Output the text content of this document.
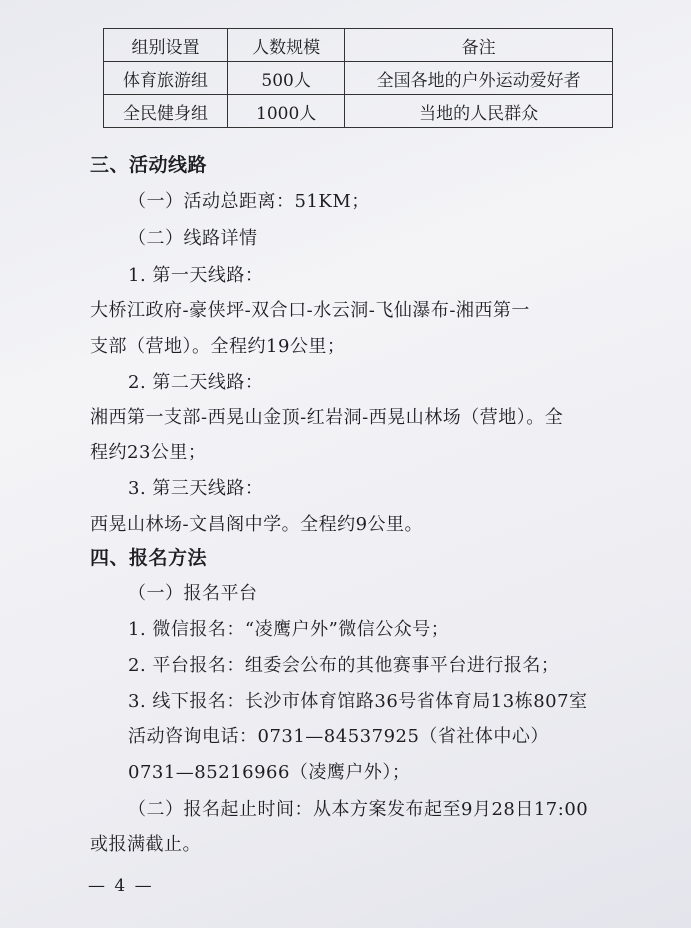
组别设置	人数规模	备注
体育旅游组	500人	全国各地的户外运动爱好者
全民健身组	1000人	当地的人民群众
三、活动线路
（一）活动总距离：51KM；
（二）线路详情
1. 第一天线路：
大桥江政府-豪侠坪-双合口-水云洞-飞仙瀑布-湘西第一
支部（营地）。全程约19公里；
2. 第二天线路：
湘西第一支部-西晃山金顶-红岩洞-西晃山林场（营地）。全
程约23公里；
3. 第三天线路：
西晃山林场-文昌阁中学。全程约9公里。
四、报名方法
（一）报名平台
1. 微信报名：“凌鹰户外”微信公众号；
2. 平台报名：组委会公布的其他赛事平台进行报名；
3. 线下报名：长沙市体育馆路36号省体育局13栋807室
活动咨询电话：0731—84537925（省社体中心）
0731—85216966（凌鹰户外）；
（二）报名起止时间：从本方案发布起至9月28日17:00
或报满截止。
— 4 —
